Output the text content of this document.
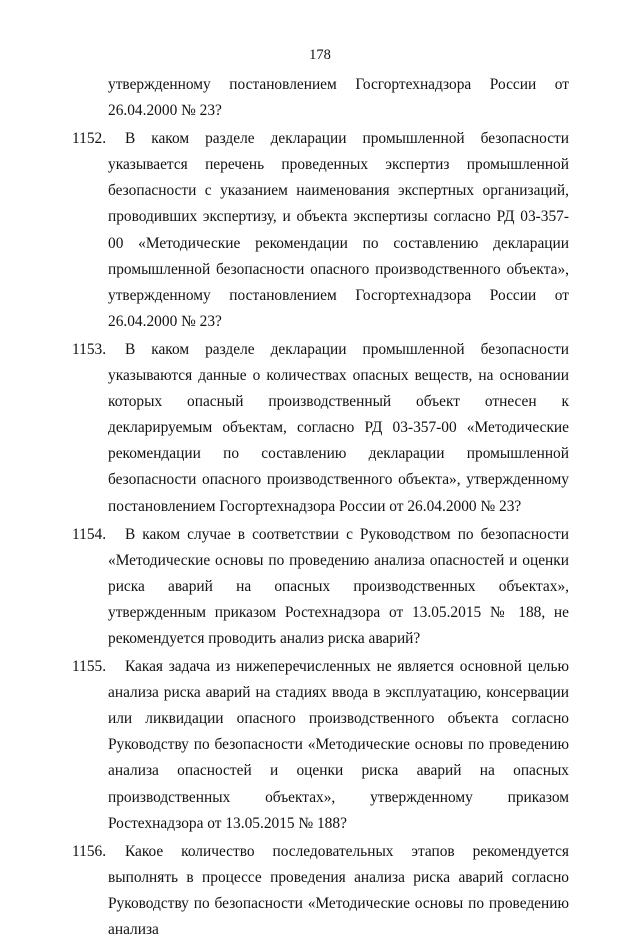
178

утвержденному постановлением Госгортехнадзора России от 26.04.2000 № 23?

1152.	В каком разделе декларации промышленной безопасности указывается перечень проведенных экспертиз промышленной безопасности с указанием наименования экспертных организаций, проводивших экспертизу, и объекта экспертизы согласно РД 03-357-00 «Методические рекомендации по составлению декларации промышленной безопасности опасного производственного объекта», утвержденному постановлением Госгортехнадзора России от 26.04.2000 № 23?

1153.	В каком разделе декларации промышленной безопасности указываются данные о количествах опасных веществ, на основании которых опасный производственный объект отнесен к декларируемым объектам, согласно РД 03-357-00 «Методические рекомендации по составлению декларации промышленной безопасности опасного производственного объекта», утвержденному постановлением Госгортехнадзора России от 26.04.2000 № 23?

1154.	В каком случае в соответствии с Руководством по безопасности «Методические основы по проведению анализа опасностей и оценки риска аварий на опасных производственных объектах», утвержденным приказом Ростехнадзора от 13.05.2015 № 188, не рекомендуется проводить анализ риска аварий?

1155.	Какая задача из нижеперечисленных не является основной целью анализа риска аварий на стадиях ввода в эксплуатацию, консервации или ликвидации опасного производственного объекта согласно Руководству по безопасности «Методические основы по проведению анализа опасностей и оценки риска аварий на опасных производственных объектах», утвержденному приказом Ростехнадзора от 13.05.2015 № 188?

1156.	Какое количество последовательных этапов рекомендуется выполнять в процессе проведения анализа риска аварий согласно Руководству по безопасности «Методические основы по проведению анализа
